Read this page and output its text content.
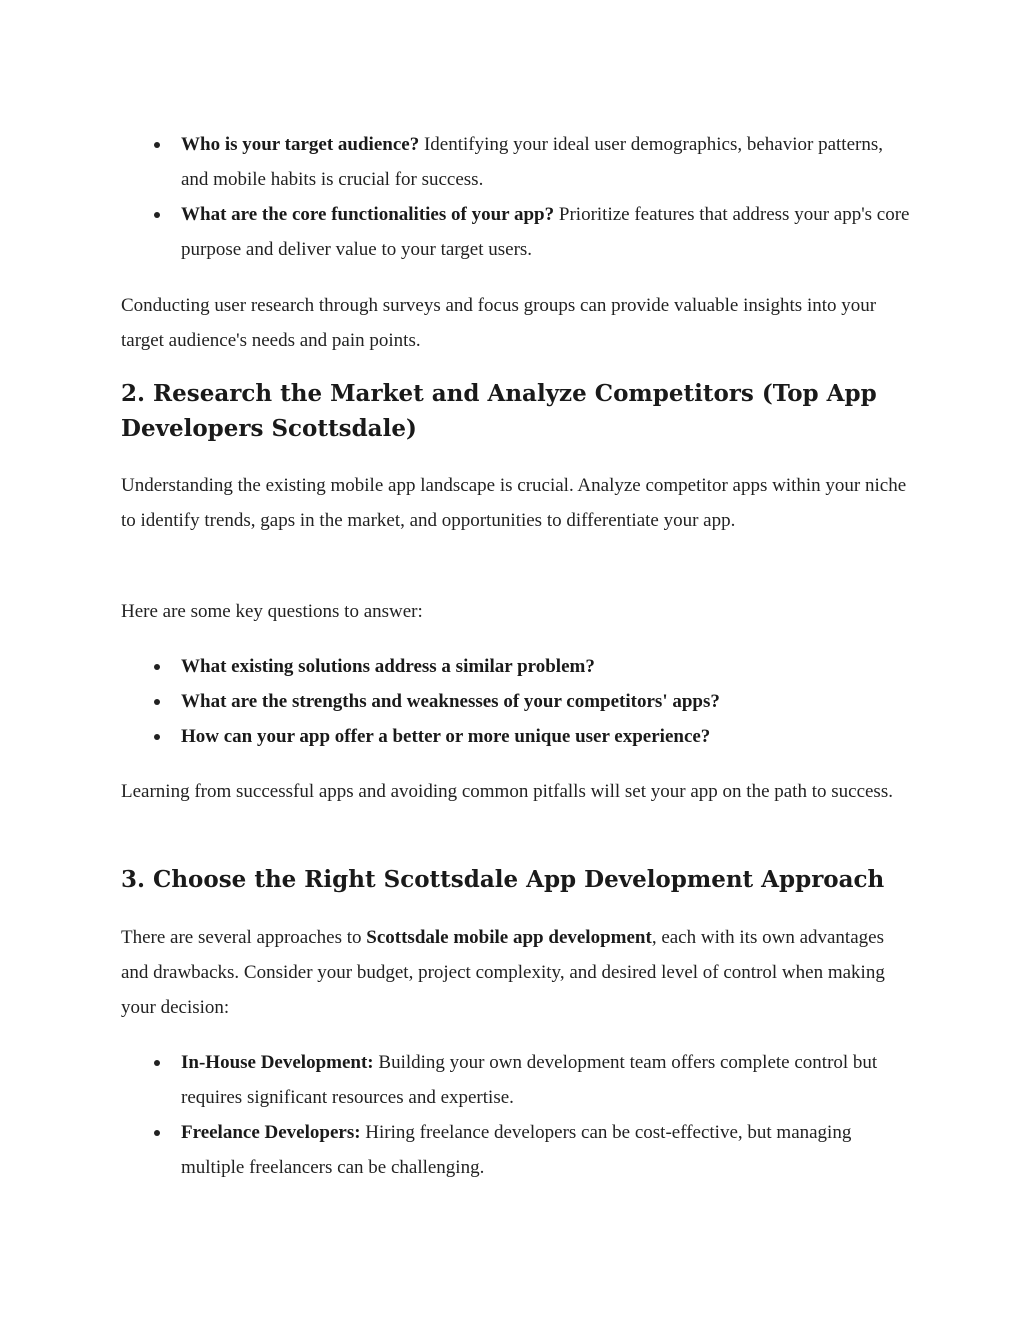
Who is your target audience? Identifying your ideal user demographics, behavior patterns, and mobile habits is crucial for success.
What are the core functionalities of your app? Prioritize features that address your app's core purpose and deliver value to your target users.

Conducting user research through surveys and focus groups can provide valuable insights into your target audience's needs and pain points.

2. Research the Market and Analyze Competitors (Top App Developers Scottsdale)

Understanding the existing mobile app landscape is crucial. Analyze competitor apps within your niche to identify trends, gaps in the market, and opportunities to differentiate your app.

Here are some key questions to answer:

What existing solutions address a similar problem?
What are the strengths and weaknesses of your competitors' apps?
How can your app offer a better or more unique user experience?

Learning from successful apps and avoiding common pitfalls will set your app on the path to success.

3. Choose the Right Scottsdale App Development Approach

There are several approaches to Scottsdale mobile app development, each with its own advantages and drawbacks. Consider your budget, project complexity, and desired level of control when making your decision:

In-House Development: Building your own development team offers complete control but requires significant resources and expertise.
Freelance Developers: Hiring freelance developers can be cost-effective, but managing multiple freelancers can be challenging.
